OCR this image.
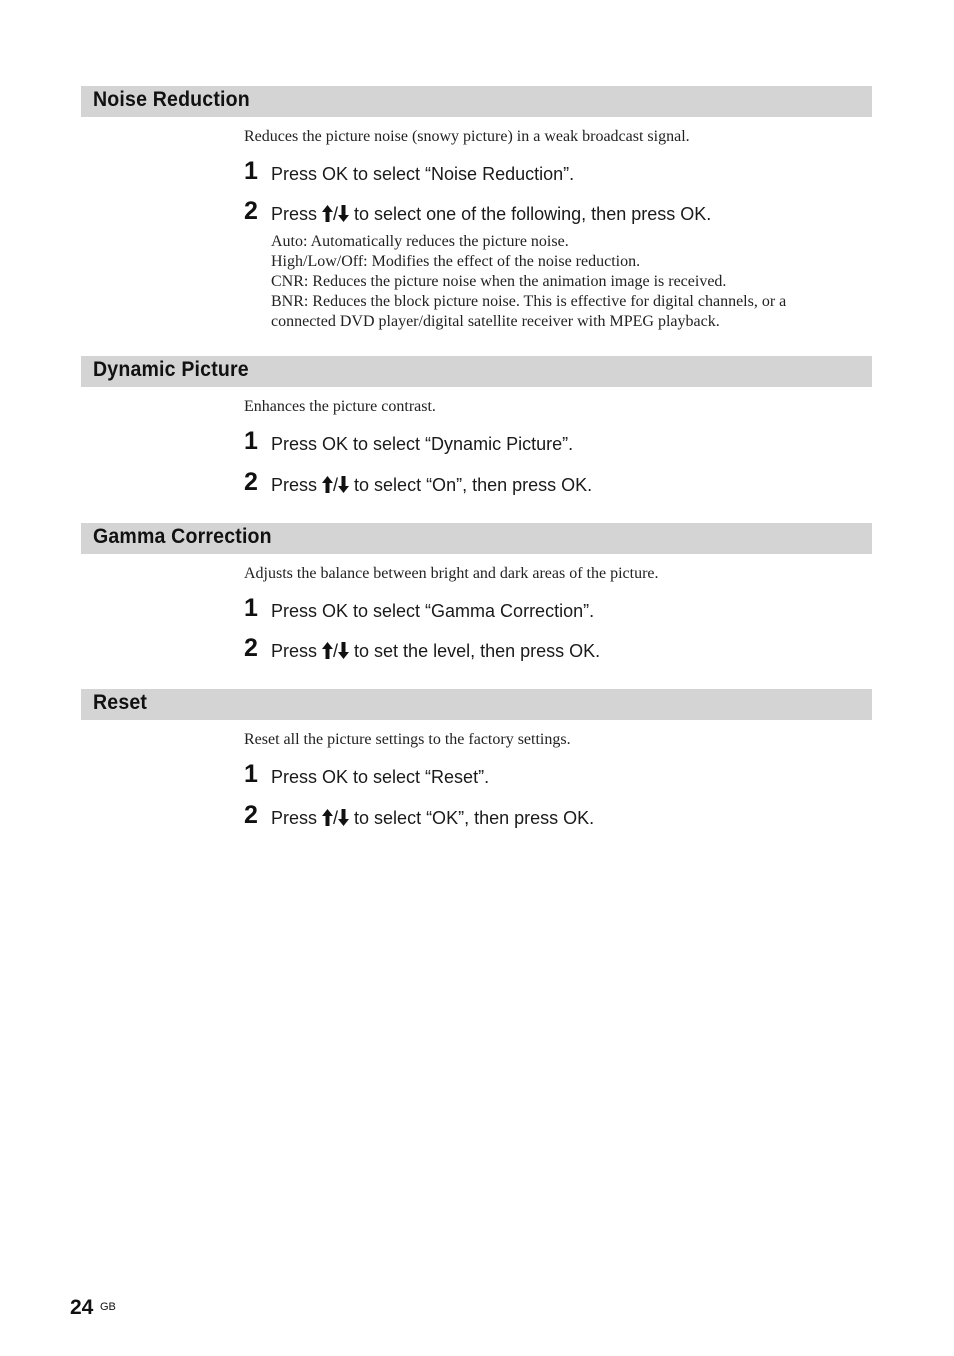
Noise Reduction
Reduces the picture noise (snowy picture) in a weak broadcast signal.
1 Press OK to select “Noise Reduction”.
2 Press / to select one of the following, then press OK.
Auto: Automatically reduces the picture noise.
High/Low/Off: Modifies the effect of the noise reduction.
CNR: Reduces the picture noise when the animation image is received.
BNR: Reduces the block picture noise. This is effective for digital channels, or a
connected DVD player/digital satellite receiver with MPEG playback.
Dynamic Picture
Enhances the picture contrast.
1 Press OK to select “Dynamic Picture”.
2 Press / to select “On”, then press OK.
Gamma Correction
Adjusts the balance between bright and dark areas of the picture.
1 Press OK to select “Gamma Correction”.
2 Press / to set the level, then press OK.
Reset
Reset all the picture settings to the factory settings.
1 Press OK to select “Reset”.
2 Press / to select “OK”, then press OK.
24 GB
